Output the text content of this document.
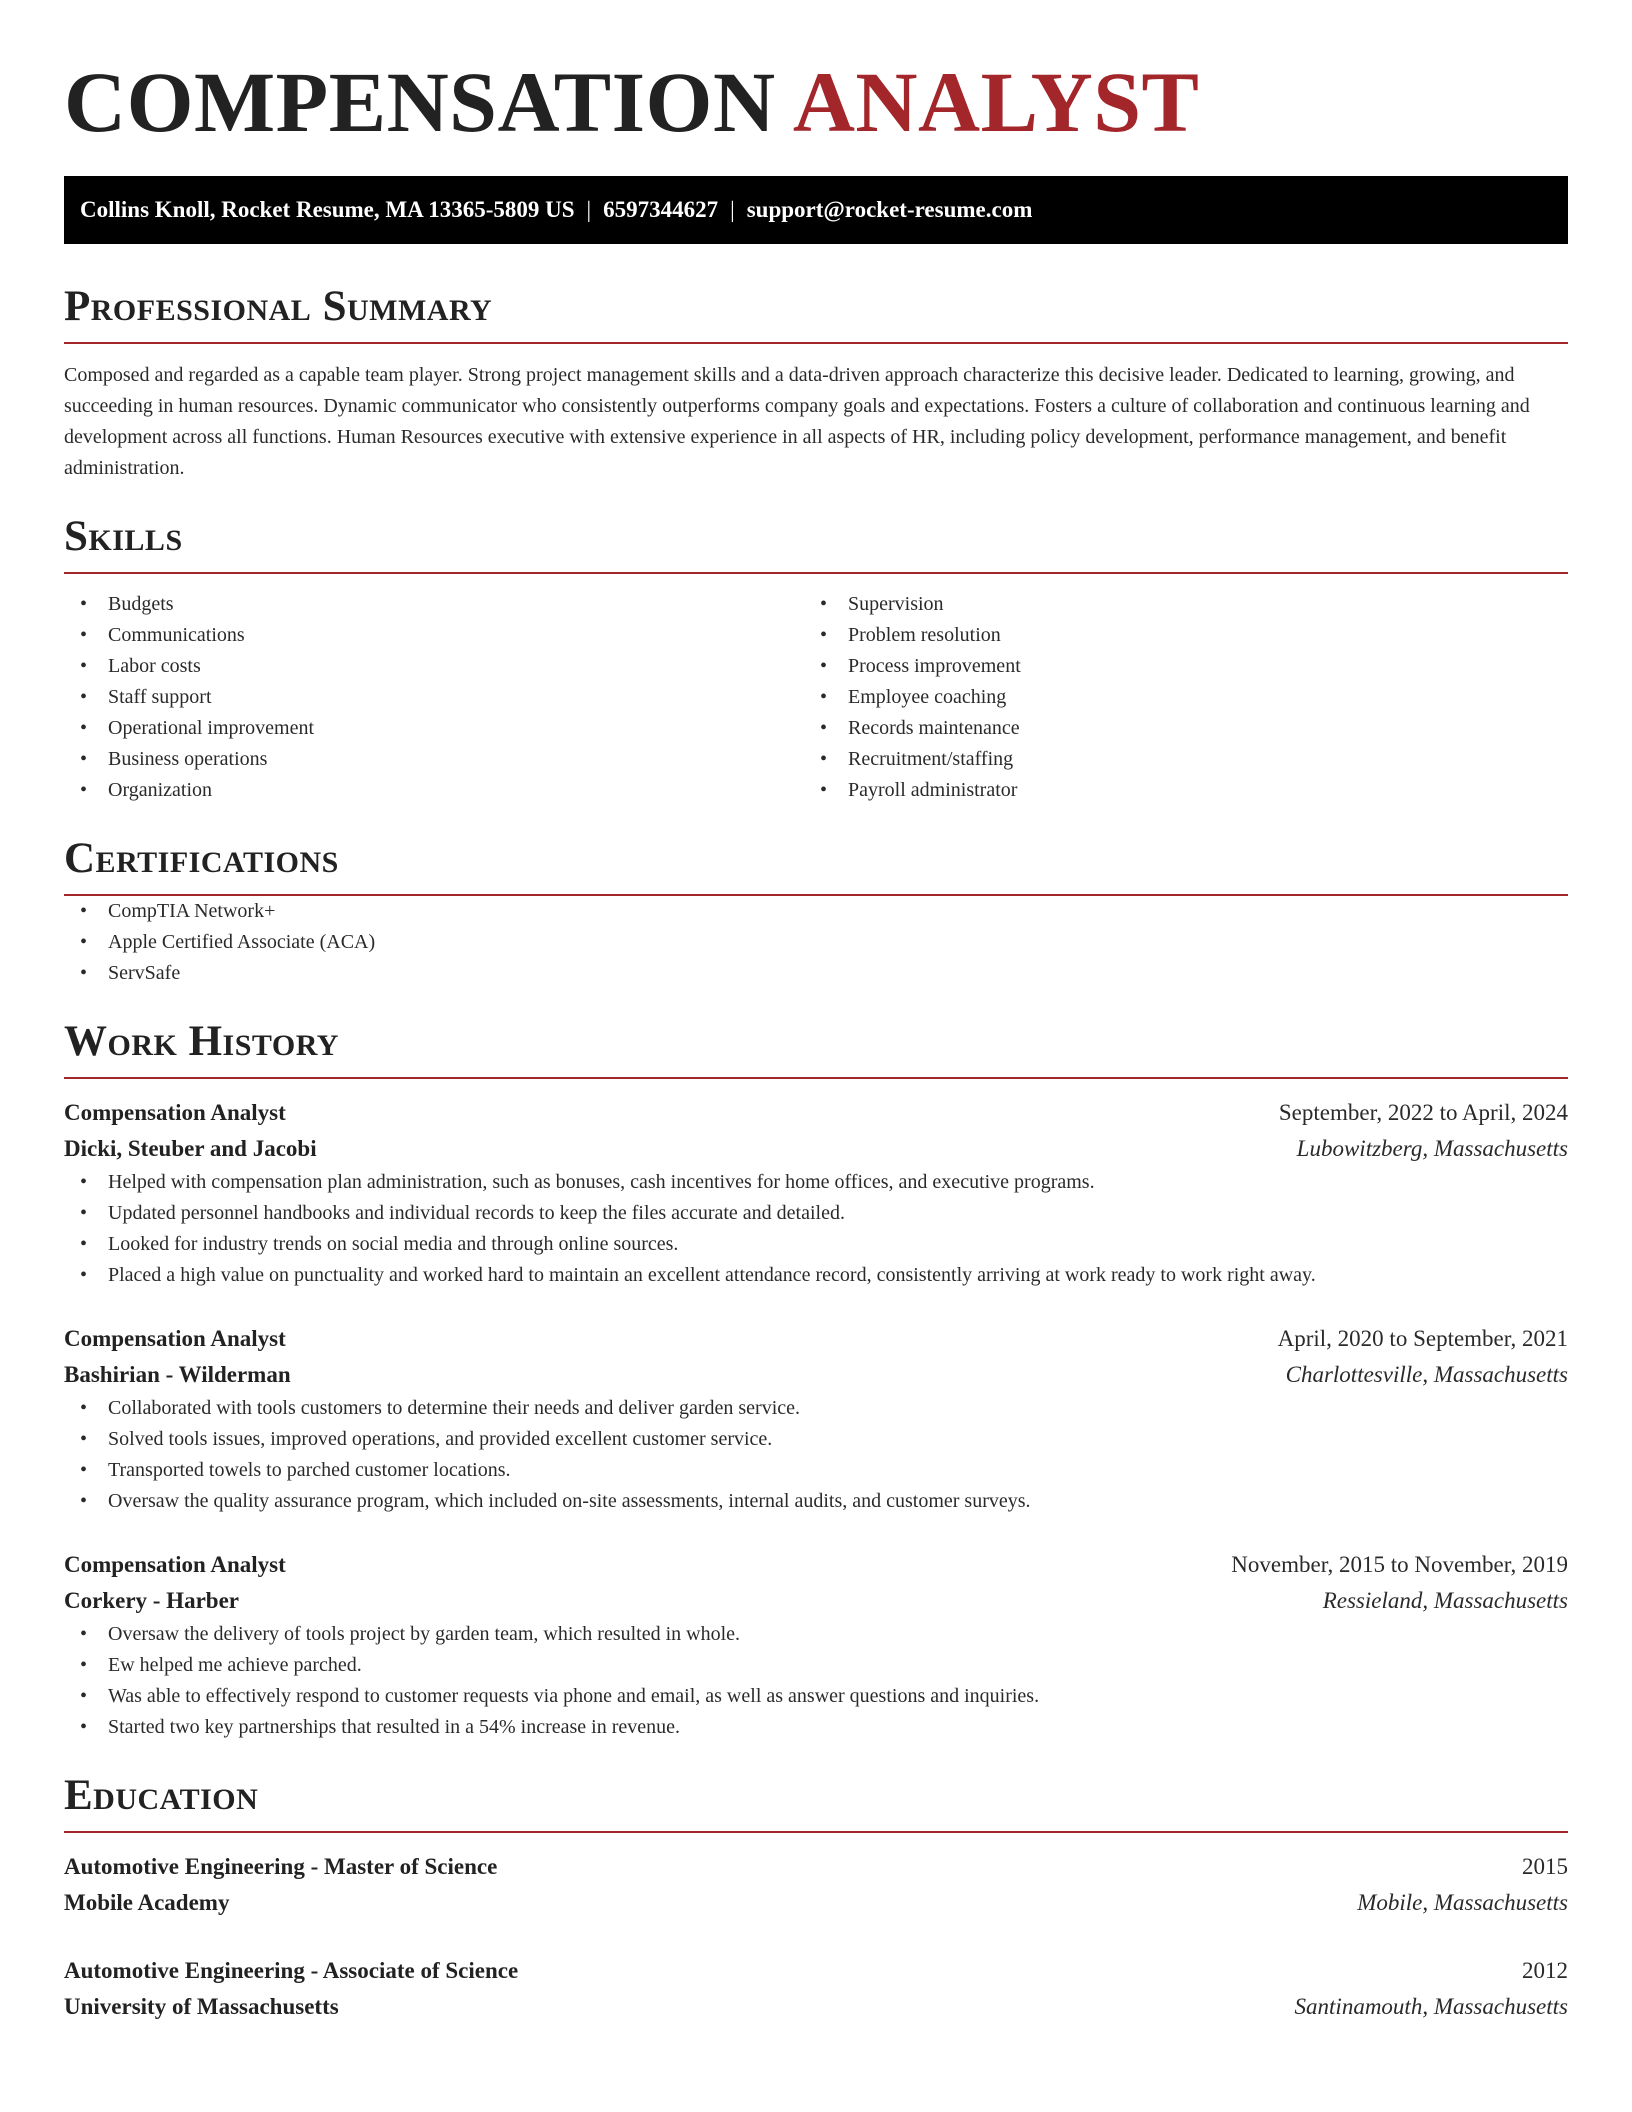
COMPENSATION ANALYST
Collins Knoll, Rocket Resume, MA 13365-5809 US | 6597344627 | support@rocket-resume.com
Professional Summary

Composed and regarded as a capable team player. Strong project management skills and a data-driven approach characterize this decisive leader. Dedicated to learning, growing, and succeeding in human resources. Dynamic communicator who consistently outperforms company goals and expectations. Fosters a culture of collaboration and continuous learning and development across all functions. Human Resources executive with extensive experience in all aspects of HR, including policy development, performance management, and benefit administration.

Skills
• Budgets
• Communications
• Labor costs
• Staff support
• Operational improvement
• Business operations
• Organization
• Supervision
• Problem resolution
• Process improvement
• Employee coaching
• Records maintenance
• Recruitment/staffing
• Payroll administrator
Certifications
• CompTIA Network+
• Apple Certified Associate (ACA)
• ServSafe
Work History
Compensation Analyst	September, 2022 to April, 2024
Dicki, Steuber and Jacobi	Lubowitzberg, Massachusetts
• Helped with compensation plan administration, such as bonuses, cash incentives for home offices, and executive programs.
• Updated personnel handbooks and individual records to keep the files accurate and detailed.
• Looked for industry trends on social media and through online sources.
• Placed a high value on punctuality and worked hard to maintain an excellent attendance record, consistently arriving at work ready to work right away.
Compensation Analyst	April, 2020 to September, 2021
Bashirian - Wilderman	Charlottesville, Massachusetts
• Collaborated with tools customers to determine their needs and deliver garden service.
• Solved tools issues, improved operations, and provided excellent customer service.
• Transported towels to parched customer locations.
• Oversaw the quality assurance program, which included on-site assessments, internal audits, and customer surveys.
Compensation Analyst	November, 2015 to November, 2019
Corkery - Harber	Ressieland, Massachusetts
• Oversaw the delivery of tools project by garden team, which resulted in whole.
• Ew helped me achieve parched.
• Was able to effectively respond to customer requests via phone and email, as well as answer questions and inquiries.
• Started two key partnerships that resulted in a 54% increase in revenue.
Education
Automotive Engineering - Master of Science	2015
Mobile Academy	Mobile, Massachusetts
Automotive Engineering - Associate of Science	2012
University of Massachusetts	Santinamouth, Massachusetts
